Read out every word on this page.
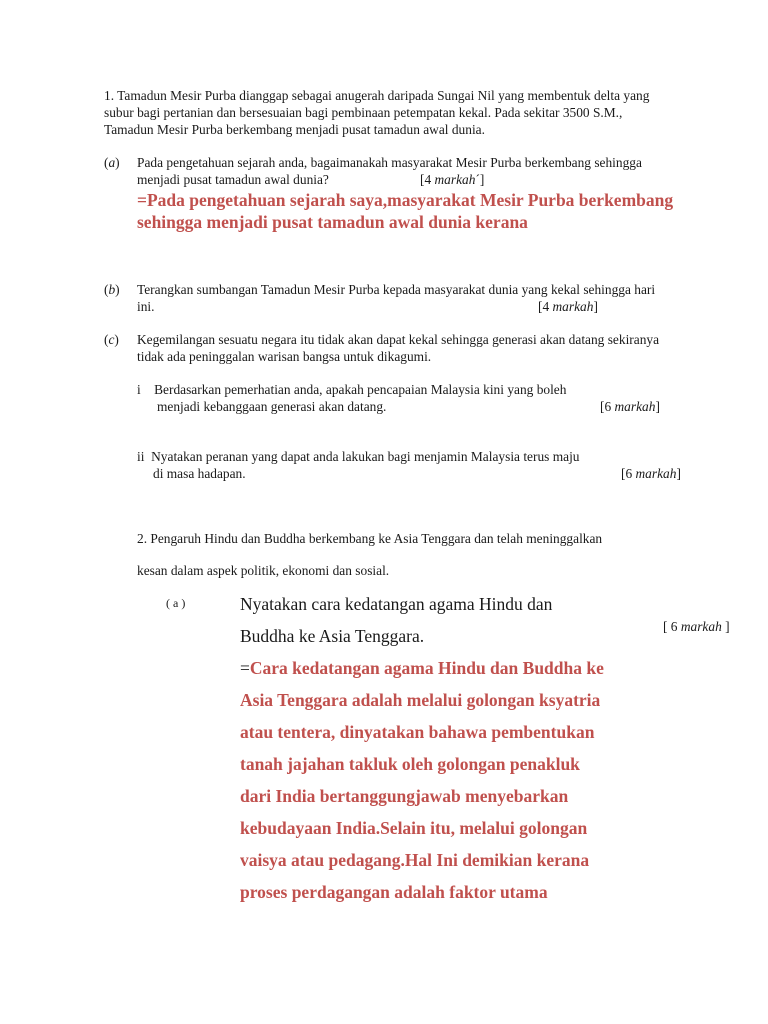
1. Tamadun Mesir Purba dianggap sebagai anugerah daripada Sungai Nil yang membentuk delta yang
subur bagi pertanian dan bersesuaian bagi pembinaan petempatan kekal. Pada sekitar 3500 S.M.,
Tamadun Mesir Purba berkembang menjadi pusat tamadun awal dunia.
(a) Pada pengetahuan sejarah anda, bagaimanakah masyarakat Mesir Purba berkembang sehingga
menjadi pusat tamadun awal dunia?	[4 markah´]
=Pada pengetahuan sejarah saya,masyarakat Mesir Purba berkembang
sehingga menjadi pusat tamadun awal dunia kerana
(b) Terangkan sumbangan Tamadun Mesir Purba kepada masyarakat dunia yang kekal sehingga hari
ini.	[4 markah]
(c) Kegemilangan sesuatu negara itu tidak akan dapat kekal sehingga generasi akan datang sekiranya
tidak ada peninggalan warisan bangsa untuk dikagumi.
i    Berdasarkan pemerhatian anda, apakah pencapaian Malaysia kini yang boleh
menjadi kebanggaan generasi akan datang.	[6 markah]
ii  Nyatakan peranan yang dapat anda lakukan bagi menjamin Malaysia terus maju
di masa hadapan.	[6 markah]
2. Pengaruh Hindu dan Buddha berkembang ke Asia Tenggara dan telah meninggalkan
kesan dalam aspek politik, ekonomi dan sosial.
( a )	Nyatakan cara kedatangan agama Hindu dan
Buddha ke Asia Tenggara.	[ 6 markah ]
=Cara kedatangan agama Hindu dan Buddha ke
Asia Tenggara adalah melalui golongan ksyatria
atau tentera, dinyatakan bahawa pembentukan
tanah jajahan takluk oleh golongan penakluk
dari India bertanggungjawab menyebarkan
kebudayaan India.Selain itu, melalui golongan
vaisya atau pedagang.Hal Ini demikian kerana
proses perdagangan adalah faktor utama
